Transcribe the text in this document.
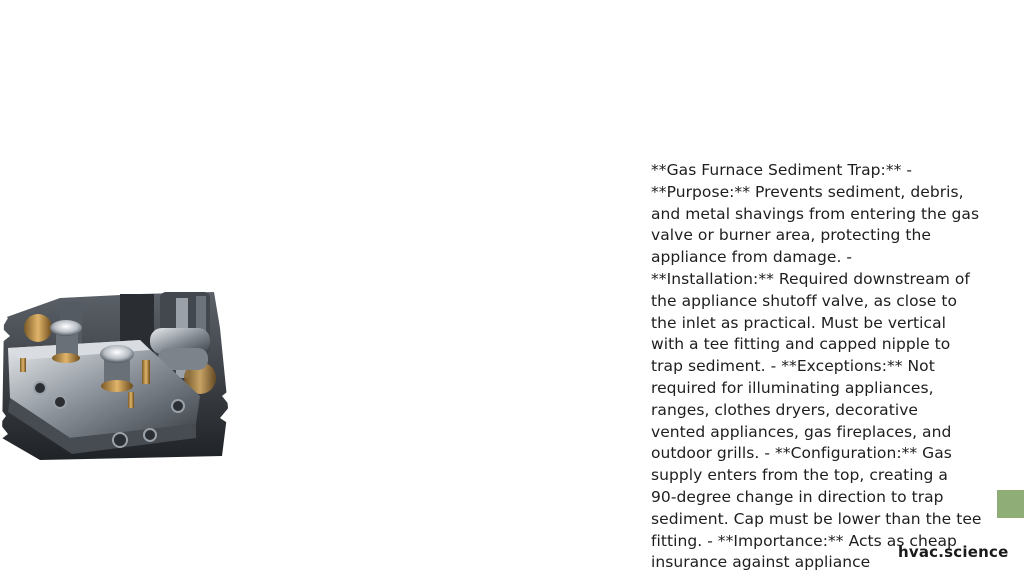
**Gas Furnace Sediment Trap:** -
**Purpose:** Prevents sediment, debris,
and metal shavings from entering the gas
valve or burner area, protecting the
appliance from damage. -
**Installation:** Required downstream of
the appliance shutoff valve, as close to
the inlet as practical. Must be vertical
with a tee fitting and capped nipple to
trap sediment. - **Exceptions:** Not
required for illuminating appliances,
ranges, clothes dryers, decorative
vented appliances, gas fireplaces, and
outdoor grills. - **Configuration:** Gas
supply enters from the top, creating a
90-degree change in direction to trap
sediment. Cap must be lower than the tee
fitting. - **Importance:** Acts as cheap
insurance against appliance

hvac.science
